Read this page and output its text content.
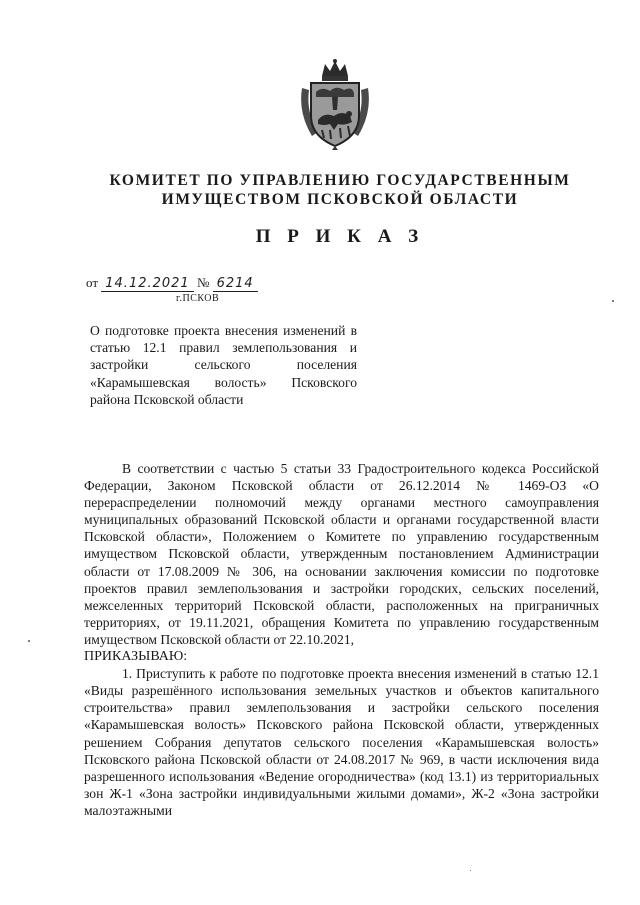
КОМИТЕТ ПО УПРАВЛЕНИЮ ГОСУДАРСТВЕННЫМ
ИМУЩЕСТВОМ ПСКОВСКОЙ ОБЛАСТИ
П Р И К А З
от 14.12.2021 № 6214
г.ПСКОВ
О подготовке проекта внесения изменений в статью 12.1 правил землепользования и застройки сельского поселения «Карамышевская волость» Псковского района Псковской области

В соответствии с частью 5 статьи 33 Градостроительного кодекса Российской Федерации, Законом Псковской области от 26.12.2014 № 1469-ОЗ «О перераспределении полномочий между органами местного самоуправления муниципальных образований Псковской области и органами государственной власти Псковской области», Положением о Комитете по управлению государственным имуществом Псковской области, утвержденным постановлением Администрации области от 17.08.2009 № 306, на основании заключения комиссии по подготовке проектов правил землепользования и застройки городских, сельских поселений, межселенных территорий Псковской области, расположенных на приграничных территориях, от 19.11.2021, обращения Комитета по управлению государственным имуществом Псковской области от 22.10.2021,

ПРИКАЗЫВАЮ:

1. Приступить к работе по подготовке проекта внесения изменений в статью 12.1 «Виды разрешённого использования земельных участков и объектов капитального строительства» правил землепользования и застройки сельского поселения «Карамышевская волость» Псковского района Псковской области, утвержденных решением Собрания депутатов сельского поселения «Карамышевская волость» Псковского района Псковской области от 24.08.2017 № 969, в части исключения вида разрешенного использования «Ведение огородничества» (код 13.1) из территориальных зон Ж-1 «Зона застройки индивидуальными жилыми домами», Ж-2 «Зона застройки малоэтажными
